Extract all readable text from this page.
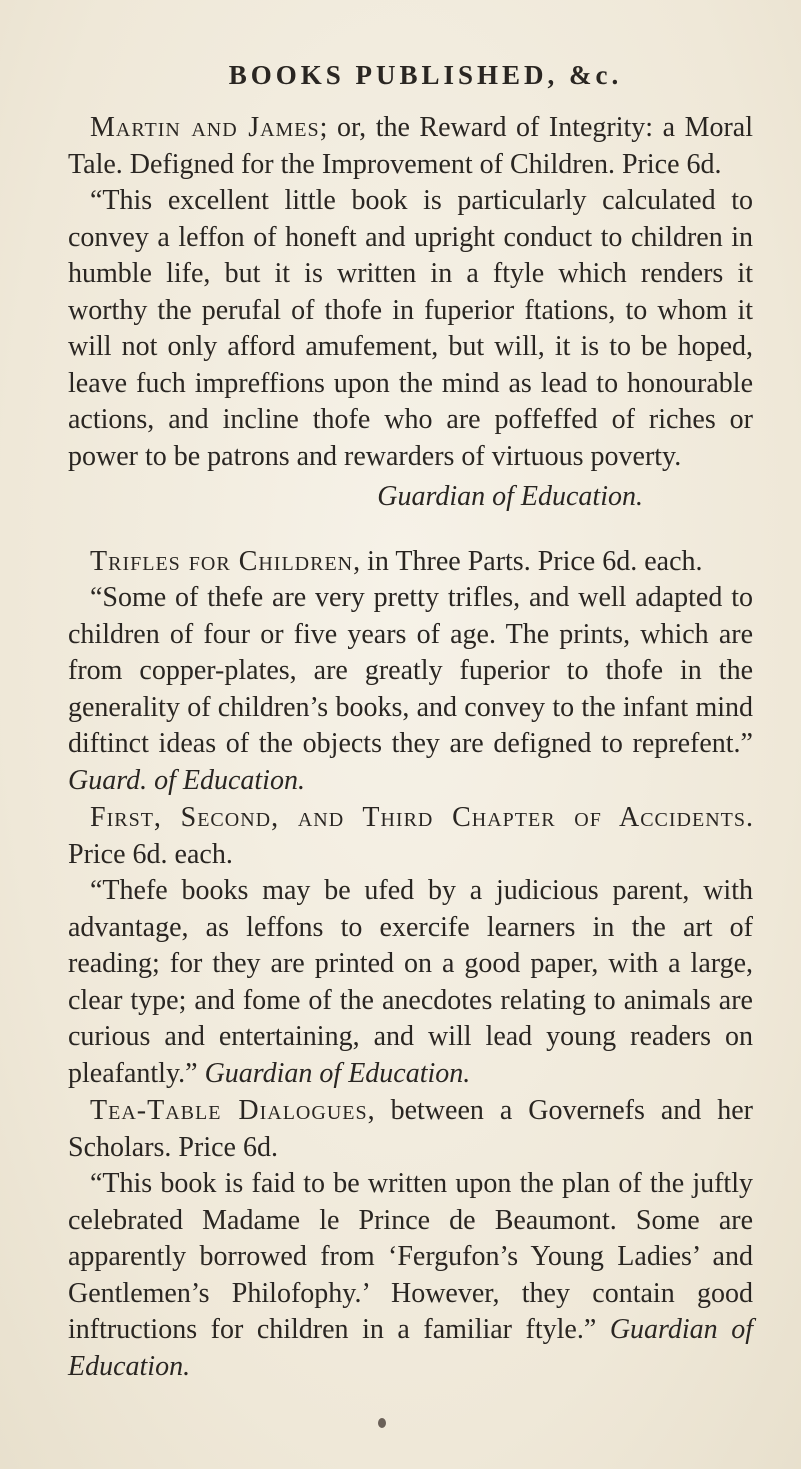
BOOKS PUBLISHED, &c.

Martin and James; or, the Reward of Integrity: a Moral Tale. Defigned for the Improvement of Children. Price 6d.

“This excellent little book is particularly calculated to convey a leffon of honeft and upright conduct to children in humble life, but it is written in a ftyle which renders it worthy the perufal of thofe in fuperior ftations, to whom it will not only afford amufement, but will, it is to be hoped, leave fuch impreffions upon the mind as lead to honourable actions, and incline thofe who are poffeffed of riches or power to be patrons and rewarders of virtuous poverty.

Guardian of Education.

Trifles for Children, in Three Parts. Price 6d. each.

“Some of thefe are very pretty trifles, and well adapted to children of four or five years of age. The prints, which are from copper-plates, are greatly fuperior to thofe in the generality of children’s books, and convey to the infant mind diftinct ideas of the objects they are defigned to reprefent.” Guard. of Education.

First, Second, and Third Chapter of Accidents. Price 6d. each.

“Thefe books may be ufed by a judicious parent, with advantage, as leffons to exercife learners in the art of reading; for they are printed on a good paper, with a large, clear type; and fome of the anecdotes relating to animals are curious and entertaining, and will lead young readers on pleafantly.” Guardian of Education.

Tea-Table Dialogues, between a Governefs and her Scholars. Price 6d.

“This book is faid to be written upon the plan of the juftly celebrated Madame le Prince de Beaumont. Some are apparently borrowed from ‘Fergufon’s Young Ladies’ and Gentlemen’s Philofophy.’ However, they contain good inftructions for children in a familiar ftyle.” Guardian of Education.
